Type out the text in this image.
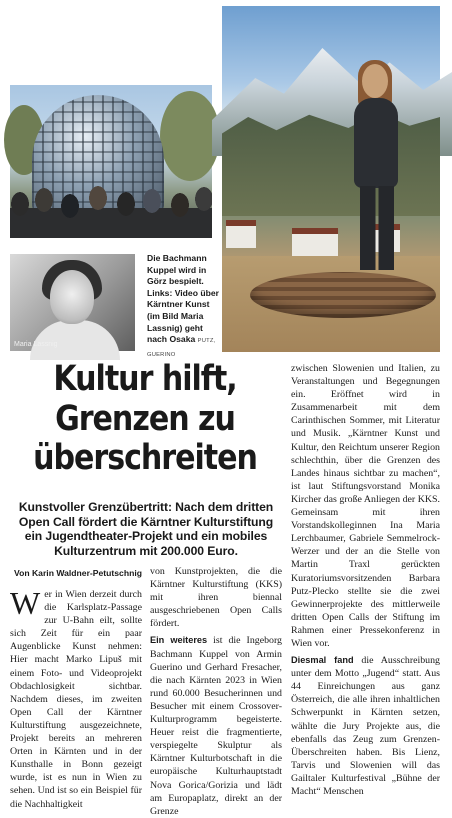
Maria Lassnig
Die Bachmann Kuppel wird in Görz bespielt. Links: Video über Kärntner Kunst (im Bild Maria Lassnig) geht nach Osaka PUTZ, GUERINO
Kultur hilft, Grenzen zu überschreiten

Kunstvoller Grenzübertritt: Nach dem dritten Open Call fördert die Kärntner Kulturstiftung ein Jugendtheater-Projekt und ein mobiles Kulturzentrum mit 200.000 Euro.

Von Karin Waldner-Petutschnig

W er in Wien derzeit durch die Karlsplatz-Passage zur U-Bahn eilt, sollte sich Zeit für ein paar Augenblicke Kunst nehmen: Hier macht Marko Lipuš mit einem Foto- und Videoprojekt Obdachlosigkeit sichtbar. Nachdem dieses, im zweiten Open Call der Kärntner Kulturstiftung ausgezeichnete, Projekt bereits an mehreren Orten in Kärnten und in der Kunsthalle in Bonn gezeigt wurde, ist es nun in Wien zu sehen. Und ist so ein Beispiel für die Nachhaltigkeit

von Kunstprojekten, die die Kärntner Kulturstiftung (KKS) mit ihren biennal ausgeschriebenen Open Calls fördert.

Ein weiteres ist die Ingeborg Bachmann Kuppel von Armin Guerino und Gerhard Fresacher, die nach Kärnten 2023 in Wien rund 60.000 Besucherinnen und Besucher mit einem Crossover-Kulturprogramm begeisterte. Heuer reist die fragmentierte, verspiegelte Skulptur als Kärntner Kulturbotschaft in die europäische Kulturhauptstadt Nova Gorica/Gorizia und lädt am Europaplatz, direkt an der Grenze

zwischen Slowenien und Italien, zu Veranstaltungen und Begegnungen ein. Eröffnet wird in Zusammenarbeit mit dem Carinthischen Sommer, mit Literatur und Musik. „Kärntner Kunst und Kultur, den Reichtum unserer Region schlechthin, über die Grenzen des Landes hinaus sichtbar zu machen“, ist laut Stiftungsvorstand Monika Kircher das große Anliegen der KKS. Gemeinsam mit ihren Vorstandskolleginnen Ina Maria Lerchbaumer, Gabriele Semmelrock-Werzer und der an die Stelle von Martin Traxl gerückten Kuratoriumsvorsitzenden Barbara Putz-Plecko stellte sie die zwei Gewinnerprojekte des mittlerweile dritten Open Calls der Stiftung im Rahmen einer Pressekonferenz in Wien vor.

Diesmal fand die Ausschreibung unter dem Motto „Jugend“ statt. Aus 44 Einreichungen aus ganz Österreich, die alle ihren inhaltlichen Schwerpunkt in Kärnten setzen, wählte die Jury Projekte aus, die ebenfalls das Zeug zum Grenzen-Überschreiten haben. Bis Lienz, Tarvis und Slowenien will das Gailtaler Kulturfestival „Bühne der Macht“ Menschen
